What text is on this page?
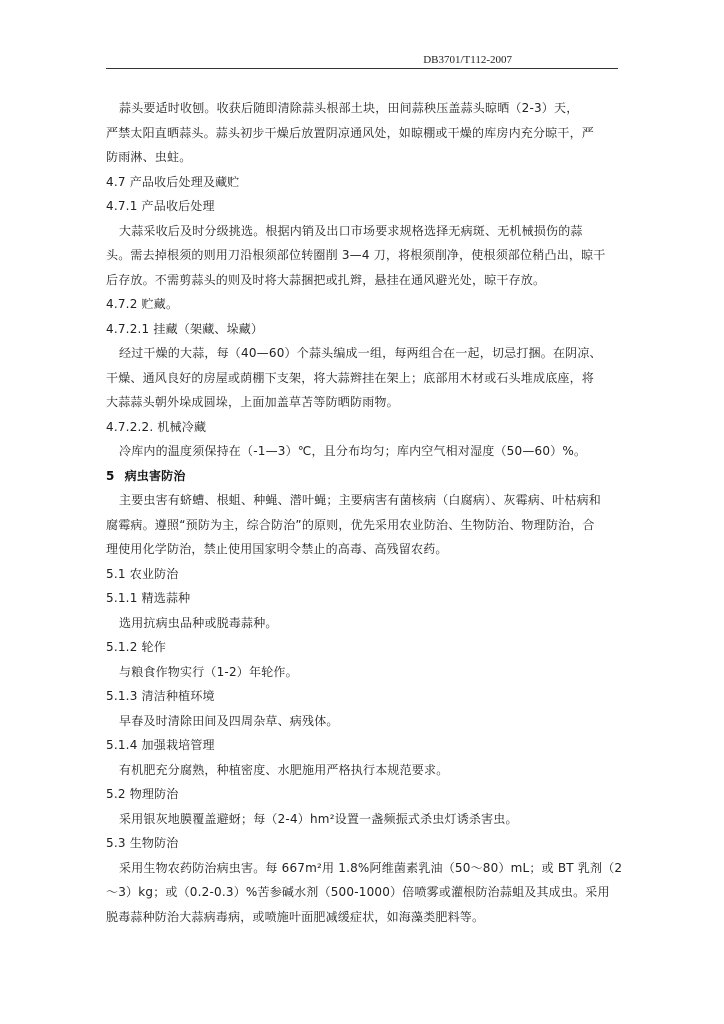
DB3701/T112-2007
蒜头要适时收刨。收获后随即清除蒜头根部土块，田间蒜秧压盖蒜头晾晒（2-3）天，
严禁太阳直晒蒜头。蒜头初步干燥后放置阴凉通风处，如晾棚或干燥的库房内充分晾干，严
防雨淋、虫蛀。
4.7 产品收后处理及藏贮
4.7.1 产品收后处理
大蒜采收后及时分级挑选。根据内销及出口市场要求规格选择无病斑、无机械损伤的蒜
头。需去掉根须的则用刀沿根须部位转圈削 3—4 刀，将根须削净，使根须部位稍凸出，晾干
后存放。不需剪蒜头的则及时将大蒜捆把或扎辫，悬挂在通风避光处，晾干存放。
4.7.2 贮藏。
4.7.2.1 挂藏（架藏、垛藏）
经过干燥的大蒜，每（40—60）个蒜头编成一组，每两组合在一起，切忌打捆。在阴凉、
干燥、通风良好的房屋或荫棚下支架，将大蒜辫挂在架上；底部用木材或石头堆成底座，将
大蒜蒜头朝外垛成圆垛，上面加盖草苫等防晒防雨物。
4.7.2.2. 机械冷藏
冷库内的温度须保持在（-1—3）℃，且分布均匀；库内空气相对湿度（50—60）%。
5 病虫害防治
主要虫害有蛴螬、根蛆、种蝇、潜叶蝇；主要病害有菌核病（白腐病）、灰霉病、叶枯病和
腐霉病。遵照“预防为主，综合防治”的原则，优先采用农业防治、生物防治、物理防治，合
理使用化学防治，禁止使用国家明令禁止的高毒、高残留农药。
5.1 农业防治
5.1.1 精选蒜种
选用抗病虫品种或脱毒蒜种。
5.1.2 轮作
与粮食作物实行（1-2）年轮作。
5.1.3 清洁种植环境
早春及时清除田间及四周杂草、病残体。
5.1.4 加强栽培管理
有机肥充分腐熟，种植密度、水肥施用严格执行本规范要求。
5.2 物理防治
采用银灰地膜覆盖避蚜；每（2-4）hm²设置一盏频振式杀虫灯诱杀害虫。
5.3 生物防治
采用生物农药防治病虫害。每 667m²用 1.8%阿维菌素乳油（50～80）mL；或 BT 乳剂（2
～3）kg；或（0.2-0.3）%苦参碱水剂（500-1000）倍喷雾或灌根防治蒜蛆及其成虫。采用
脱毒蒜种防治大蒜病毒病，或喷施叶面肥减缓症状，如海藻类肥料等。
